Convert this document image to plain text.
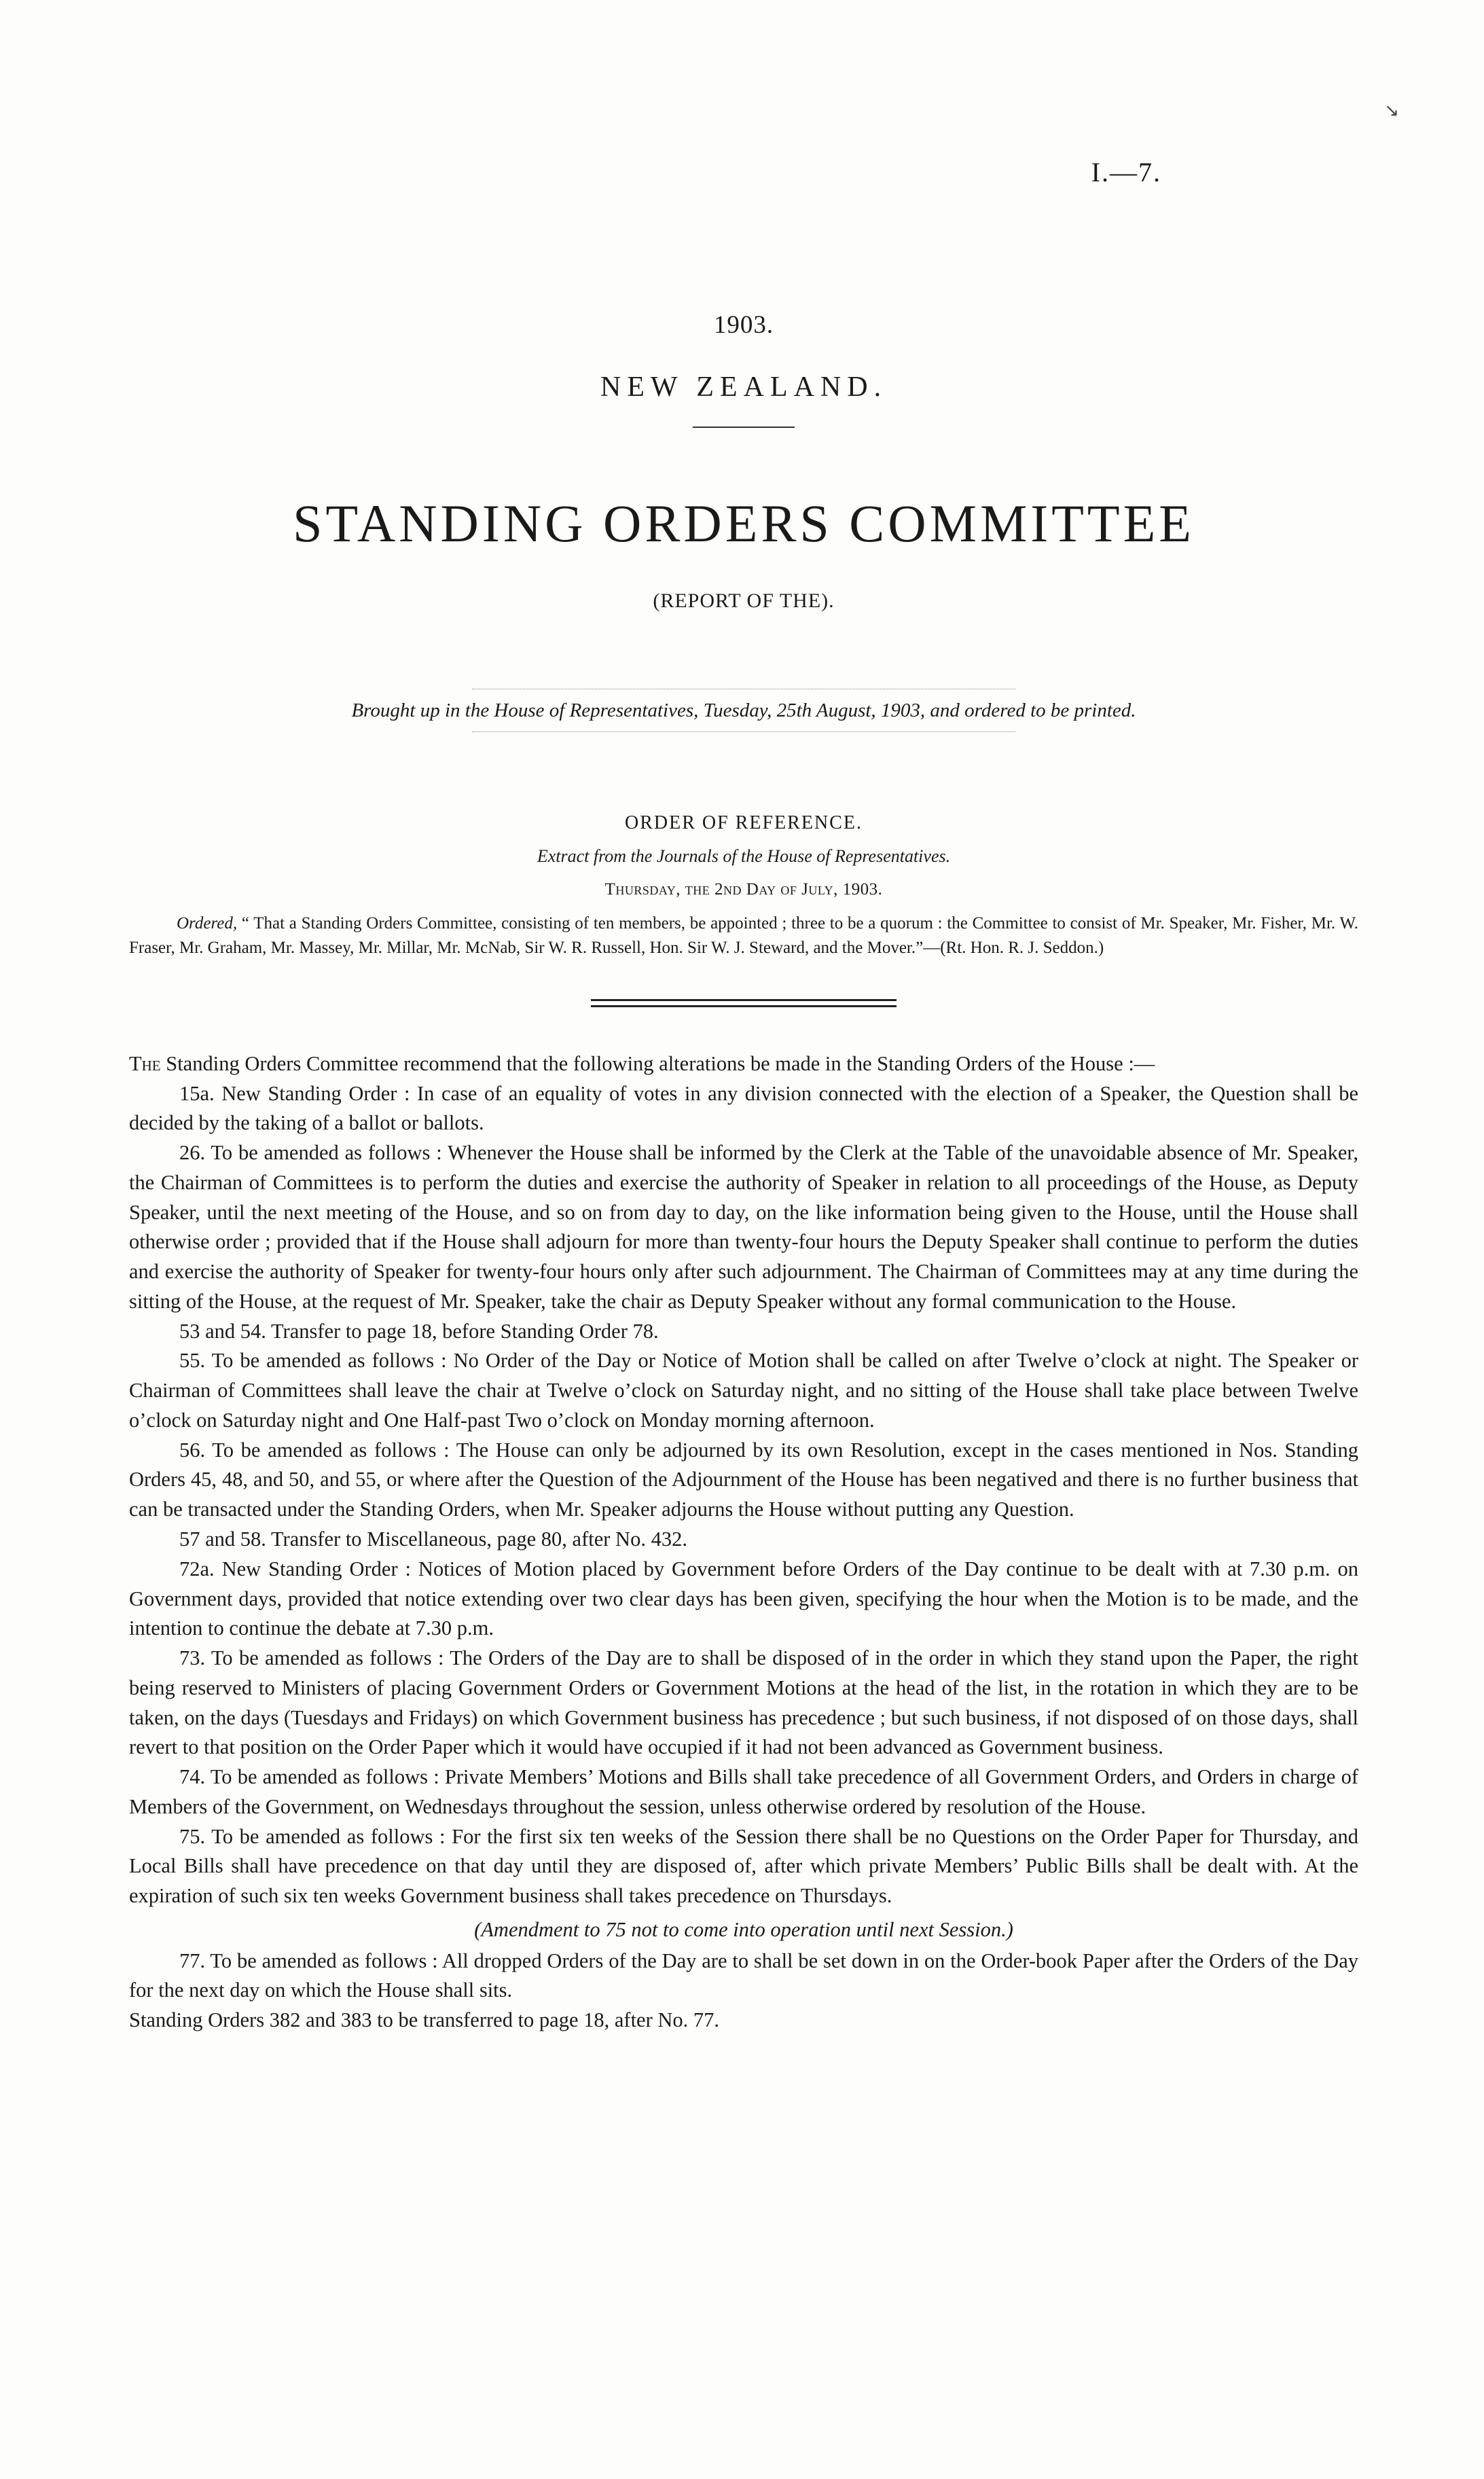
↘
I.—7.
1903.
NEW ZEALAND.
STANDING ORDERS COMMITTEE
(REPORT OF THE).
Brought up in the House of Representatives, Tuesday, 25th August, 1903, and ordered to be printed.
ORDER OF REFERENCE.
Extract from the Journals of the House of Representatives.
Thursday, the 2nd Day of July, 1903.
Ordered, “ That a Standing Orders Committee, consisting of ten members, be appointed ; three to be a quorum : the Committee to consist of Mr. Speaker, Mr. Fisher, Mr. W. Fraser, Mr. Graham, Mr. Massey, Mr. Millar, Mr. McNab, Sir W. R. Russell, Hon. Sir W. J. Steward, and the Mover.”—(Rt. Hon. R. J. Seddon.)

The Standing Orders Committee recommend that the following alterations be made in the Standing Orders of the House :—

15a. New Standing Order : In case of an equality of votes in any division connected with the election of a Speaker, the Question shall be decided by the taking of a ballot or ballots.

26. To be amended as follows : Whenever the House shall be informed by the Clerk at the Table of the unavoidable absence of Mr. Speaker, the Chairman of Committees is to perform the duties and exercise the authority of Speaker in relation to all proceedings of the House, as Deputy Speaker, until the next meeting of the House, and so on from day to day, on the like information being given to the House, until the House shall otherwise order ; provided that if the House shall adjourn for more than twenty-four hours the Deputy Speaker shall continue to perform the duties and exercise the authority of Speaker for twenty-four hours only after such adjournment. The Chairman of Committees may at any time during the sitting of the House, at the request of Mr. Speaker, take the chair as Deputy Speaker without any formal communication to the House.

53 and 54. Transfer to page 18, before Standing Order 78.

55. To be amended as follows : No Order of the Day or Notice of Motion shall be called on after Twelve o’clock at night. The Speaker or Chairman of Committees shall leave the chair at Twelve o’clock on Saturday night, and no sitting of the House shall take place between Twelve o’clock on Saturday night and One Half-past Two o’clock on Monday morning afternoon.

56. To be amended as follows : The House can only be adjourned by its own Resolution, except in the cases mentioned in Nos. Standing Orders 45, 48, and 50, and 55, or where after the Question of the Adjournment of the House has been negatived and there is no further business that can be transacted under the Standing Orders, when Mr. Speaker adjourns the House without putting any Question.

57 and 58. Transfer to Miscellaneous, page 80, after No. 432.

72a. New Standing Order : Notices of Motion placed by Government before Orders of the Day continue to be dealt with at 7.30 p.m. on Government days, provided that notice extending over two clear days has been given, specifying the hour when the Motion is to be made, and the intention to continue the debate at 7.30 p.m.

73. To be amended as follows : The Orders of the Day are to shall be disposed of in the order in which they stand upon the Paper, the right being reserved to Ministers of placing Government Orders or Government Motions at the head of the list, in the rotation in which they are to be taken, on the days (Tuesdays and Fridays) on which Government business has precedence ; but such business, if not disposed of on those days, shall revert to that position on the Order Paper which it would have occupied if it had not been advanced as Government business.

74. To be amended as follows : Private Members’ Motions and Bills shall take precedence of all Government Orders, and Orders in charge of Members of the Government, on Wednesdays throughout the session, unless otherwise ordered by resolution of the House.

75. To be amended as follows : For the first six ten weeks of the Session there shall be no Questions on the Order Paper for Thursday, and Local Bills shall have precedence on that day until they are disposed of, after which private Members’ Public Bills shall be dealt with. At the expiration of such six ten weeks Government business shall takes precedence on Thursdays.

(Amendment to 75 not to come into operation until next Session.)

77. To be amended as follows : All dropped Orders of the Day are to shall be set down in on the Order-book Paper after the Orders of the Day for the next day on which the House shall sits.

Standing Orders 382 and 383 to be transferred to page 18, after No. 77.
